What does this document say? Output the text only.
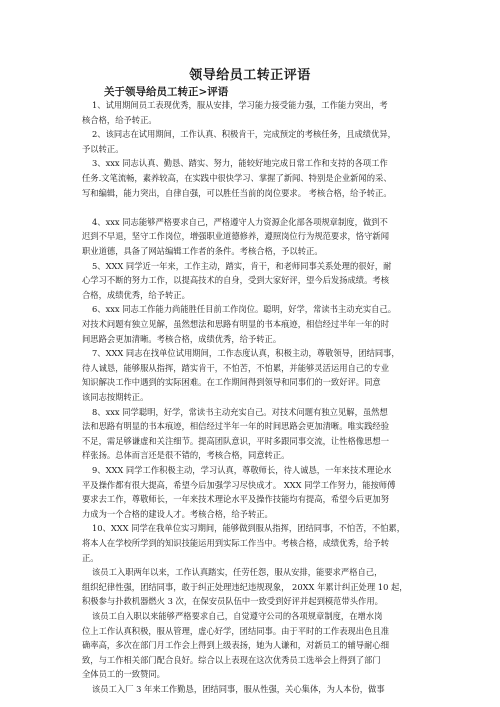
领导给员工转正评语
关于领导给员工转正>评语
1、试用期间员工表现优秀，服从安排，学习能力接受能力强，工作能力突出，考
核合格，给予转正。
2、该同志在试用期间，工作认真、积极肯干，完成预定的考核任务，且成绩优异，
予以转正。
3、xxx 同志认真、勤恳、踏实、努力，能较好地完成日常工作和支持的各项工作
任务.文笔流畅，素养较高，在实践中很快学习、掌握了新闻、特别是企业新闻的采、
写和编辑，能力突出，自律自强，可以胜任当前的岗位要求。 考核合格，给予转正。
4、xxx 同志能够严格要求自己，严格遵守人力资源企化部各项规章制度，做到不
迟到不早退，坚守工作岗位，增强职业道德修养，遵照岗位行为规范要求，恪守新闻
职业道德，具备了网站编辑工作者的条件。考核合格，予以转正。
5、XXX 同学近一年来，工作主动，踏实，肯干，和老师同事关系处理的很好，耐
心学习不断的努力工作，以提高技术的自身，受到大家好评，望今后发扬成绩。考核
合格，成绩优秀，给予转正。
6、xxx 同志工作能力尚能胜任目前工作岗位。聪明，好学，常读书主动充实自己。
对技术问题有独立见解，虽然想法和思路有明显的书本痕迹，相信经过半年一年的时
间思路会更加清晰。考核合格，成绩优秀，给予转正。
7、XXX 同志在找单位试用期间，工作态度认真，积极主动，尊敬领导，团结同事，
待人诚恳，能够服从指挥，踏实肯干，不怕苦，不怕累，并能够灵活运用自己的专业
知识解决工作中遇到的实际困难。在工作期间得到领导和同事们的一致好评。同意
该同志按期转正。
8、xxx 同学聪明，好学，常读书主动充实自己。对技术问题有独立见解，虽然想
法和思路有明显的书本痕迹，相信经过半年一年的时间思路会更加清晰。唯实践经验
不足，需足够谦虚和关注细节。提高团队意识，平时多跟同事交流，让性格像思想一
样张扬。总体而言还是很不错的，考核合格，同意转正。
9、XXX 同学工作积极主动，学习认真，尊敬师长，待人诚恳，一年来技术理论水
平及操作都有很大提高，希望今后加强学习尽快成才。 XXX 同学工作努力，能按师傅
要求去工作，尊敬师长，一年来技术理论水平及操作技能均有提高，希望今后更加努
力成为一个合格的建设人才。考核合格，给予转正。
10、XXX 同学在我单位实习期间，能够做到服从指挥，团结同事，不怕苦，不怕累，
将本人在学校所学到的知识技能运用到实际工作当中。考核合格，成绩优秀，给予转
正。
该员工入职两年以来，工作认真踏实，任劳任怨，服从安排，能要求严格自己，
组织纪律性强，团结同事，敢于纠正处理违纪违规现象， 20XX 年累计纠正处理 10 起，
积极参与扑救机器燃火 3 次，在保安员队伍中一致受到好评并起到模范带头作用。
该员工自入职以来能够严格要求自己，自觉遵守公司的各项规章制度，在增水岗
位上工作认真积极，服从管理，虚心好学，团结同事。由于平时的工作表现出色且准
确率高，多次在部门月工作会上得到上级表扬，她为人谦和，对新员工的辅导耐心细
致，与工作相关部门配合良好。综合以上表现在这次优秀员工选举会上得到了部门
全体员工的一致赞同。
该员工入厂 3 年来工作勤恳，团结同事，服从性强，关心集体，为人本份，做事
